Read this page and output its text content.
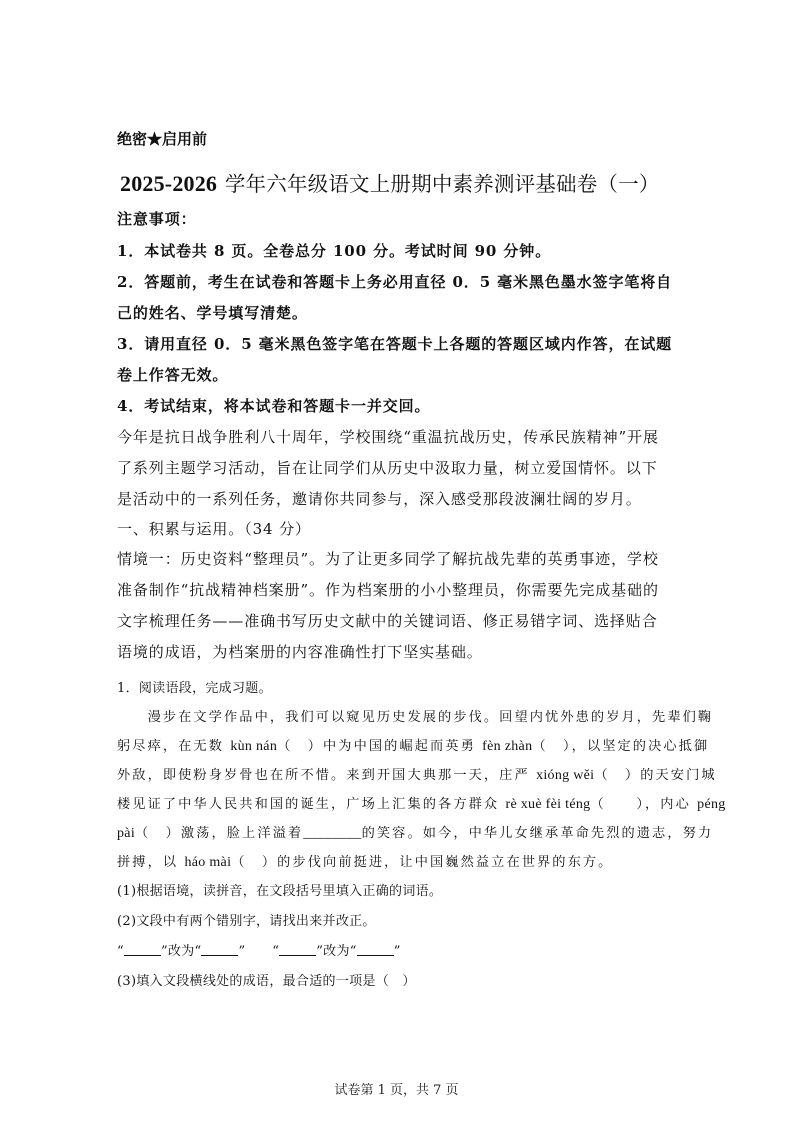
绝密★启用前
2025-2026 学年六年级语文上册期中素养测评基础卷（一）
注意事项：
1．本试卷共 8 页。全卷总分 100 分。考试时间 90 分钟。
2．答题前，考生在试卷和答题卡上务必用直径 0．5 毫米黑色墨水签字笔将自
己的姓名、学号填写清楚。
3．请用直径 0．5 毫米黑色签字笔在答题卡上各题的答题区域内作答，在试题
卷上作答无效。
4．考试结束，将本试卷和答题卡一并交回。
今年是抗日战争胜利八十周年，学校围绕“重温抗战历史，传承民族精神”开展
了系列主题学习活动，旨在让同学们从历史中汲取力量，树立爱国情怀。以下
是活动中的一系列任务，邀请你共同参与，深入感受那段波澜壮阔的岁月。
一、积累与运用。（34 分）
情境一：历史资料“整理员”。为了让更多同学了解抗战先辈的英勇事迹，学校
准备制作“抗战精神档案册”。作为档案册的小小整理员，你需要先完成基础的
文字梳理任务——准确书写历史文献中的关键词语、修正易错字词、选择贴合
语境的成语，为档案册的内容准确性打下坚实基础。
1．阅读语段，完成习题。
　　漫步在文学作品中，我们可以窥见历史发展的步伐。回望内忧外患的岁月，先辈们鞠
躬尽瘁，在无数 kùn nán（　）中为中国的崛起而英勇 fèn zhàn（　），以坚定的决心抵御
外敌，即使粉身岁骨也在所不惜。来到开国大典那一天，庄严 xióng wěi（　）的天安门城
楼见证了中华人民共和国的诞生，广场上汇集的各方群众 rè xuè fèi téng（　　），内心 péng
pài（　）激荡，脸上洋溢着________的笑容。如今，中华儿女继承革命先烈的遗志，努力
拼搏，以 háo mài（　）的步伐向前挺进，让中国巍然益立在世界的东方。
(1)根据语境，读拼音，在文段括号里填入正确的词语。
(2)文段中有两个错别字，请找出来并改正。
“	”改为“	” “	”改为“	”
(3)填入文段横线处的成语，最合适的一项是（　）
试卷第 1 页，共 7 页
